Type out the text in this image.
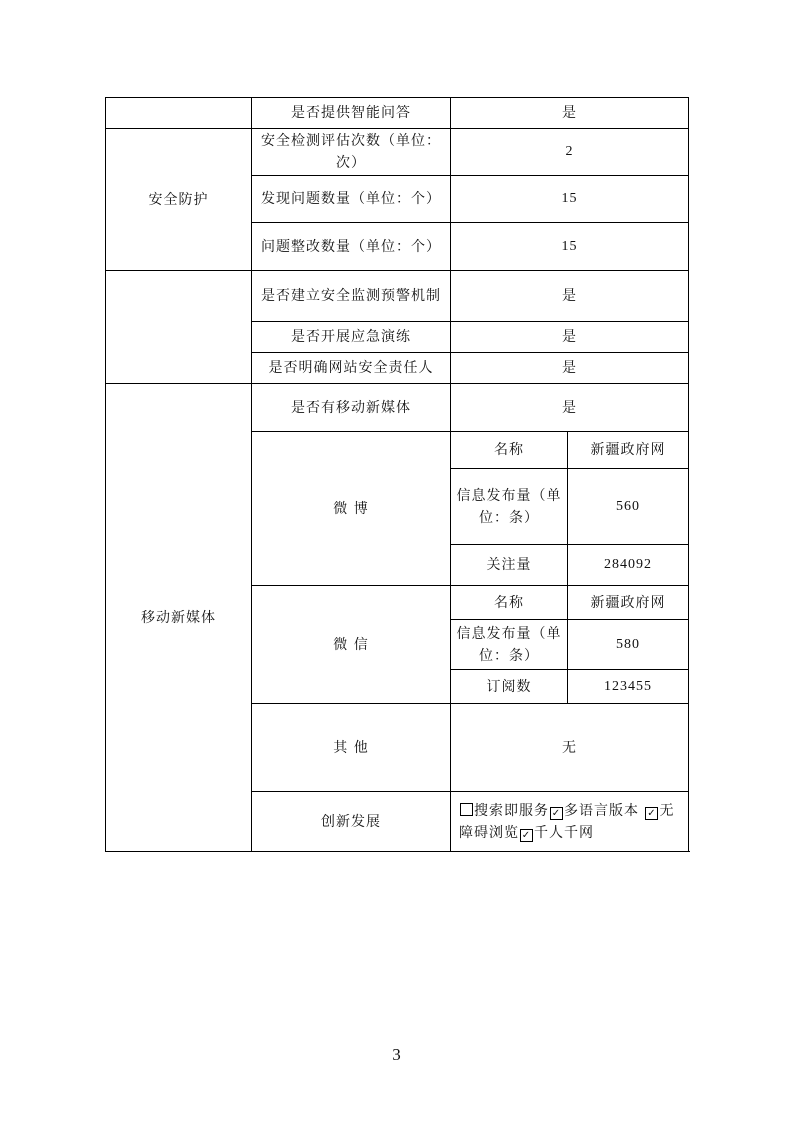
	是否提供智能问答	是	
安全防护	安全检测评估次数（单位：次）	2	
	发现问题数量（单位：个）	15	
	问题整改数量（单位：个）	15	
	是否建立安全监测预警机制	是	
	是否开展应急演练	是	
	是否明确网站安全责任人	是	
移动新媒体	是否有移动新媒体	是	
	微 博	名称	新疆政府网
		信息发布量（单位：条）	560
		关注量	284092
	微 信	名称	新疆政府网
		信息发布量（单位：条）	580
		订阅数	123455
	其 他	无	
	创新发展	搜索即服务 ✓ 多语言版本 ✓ 无障碍浏览 ✓ 千人千网	
3
